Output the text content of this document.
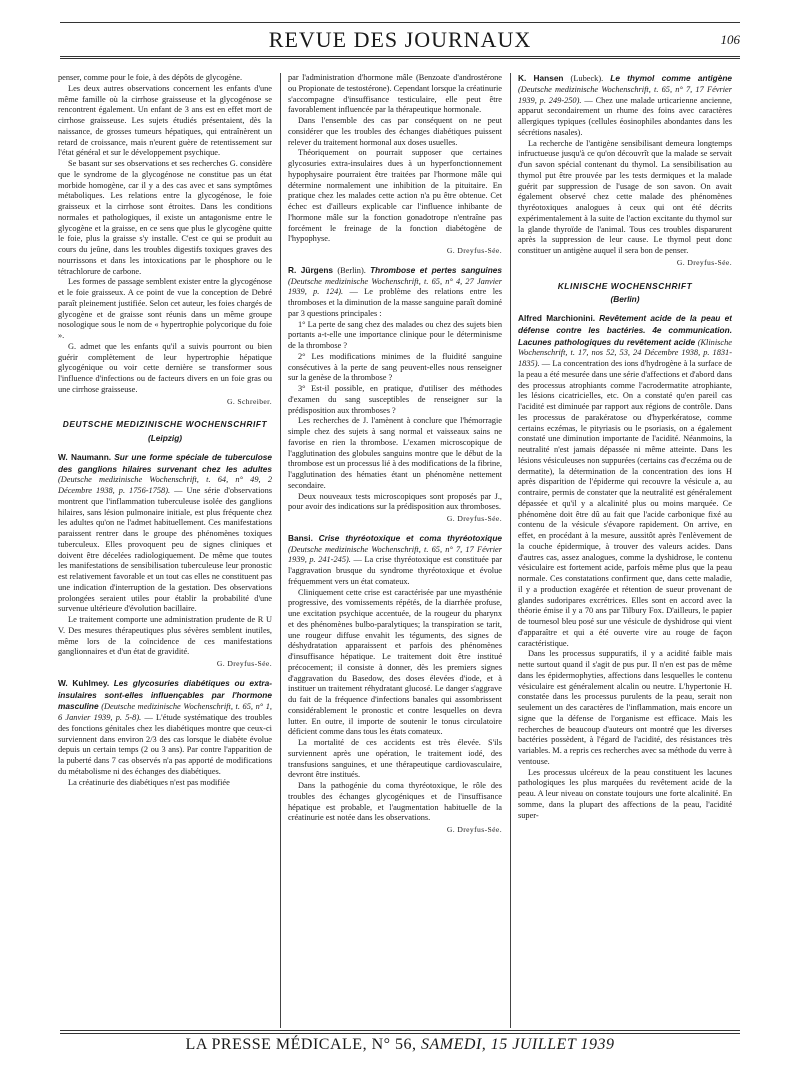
REVUE DES JOURNAUX	106

penser, comme pour le foie, à des dépôts de glycogène.

Les deux autres observations concernent les enfants d'une même famille où la cirrhose graisseuse et la glycogénose se rencontrent également. Un enfant de 3 ans est en effet mort de cirrhose graisseuse. Les sujets étudiés présentaient, dès la naissance, de grosses tumeurs hépatiques, qui entraînèrent un retard de croissance, mais n'eurent guère de retentissement sur l'état général et sur le développement psychique.

Se basant sur ses observations et ses recherches G. considère que le syndrome de la glycogénose ne constitue pas un état morbide homogène, car il y a des cas avec et sans symptômes métaboliques. Les relations entre la glycogénose, le foie graisseux et la cirrhose sont étroites. Dans les conditions normales et pathologiques, il existe un antagonisme entre le glycogène et la graisse, en ce sens que plus le glycogène quitte le foie, plus la graisse s'y installe. C'est ce qui se produit au cours du jeûne, dans les troubles digestifs toxiques graves des nourrissons et dans les intoxications par le phosphore ou le tétrachlorure de carbone.

Les formes de passage semblent exister entre la glycogénose et le foie graisseux. A ce point de vue la conception de Debré paraît pleinement justifiée. Selon cet auteur, les foies chargés de glycogène et de graisse sont réunis dans un même groupe nosologique sous le nom de « hypertrophie polycorique du foie ».

G. admet que les enfants qu'il a suivis pourront ou bien guérir complètement de leur hypertrophie hépatique glycogénique ou voir cette dernière se transformer sous l'influence d'infections ou de facteurs divers en un foie gras ou une cirrhose graisseuse.

G. Schreiber.

DEUTSCHE MEDIZINISCHE WOCHENSCHRIFT
(Leipzig)

W. Naumann. Sur une forme spéciale de tuberculose des ganglions hilaires survenant chez les adultes (Deutsche medizinische Wochenschrift, t. 64, n° 49, 2 Décembre 1938, p. 1756-1758). — Une série d'observations montrent que l'inflammation tuberculeuse isolée des ganglions hilaires, sans lésion pulmonaire initiale, est plus fréquente chez les adultes qu'on ne l'admet habituellement. Ces manifestations paraissent rentrer dans le groupe des phénomènes toxiques tuberculeux. Elles provoquent peu de signes cliniques et doivent être décelées radiologiquement. De même que toutes les manifestations de sensibilisation tuberculeuse leur pronostic est relativement favorable et un tout cas elles ne constituent pas une indication d'interruption de la gestation. Des observations prolongées seraient utiles pour établir la probabilité d'une survenue ultérieure d'évolution bacillaire.

Le traitement comporte une administration prudente de R U V. Des mesures thérapeutiques plus sévères semblent inutiles, même lors de la coïncidence de ces manifestations ganglionnaires et d'un état de gravidité.

G. Dreyfus-Sée.

W. Kuhlmey. Les glycosuries diabétiques ou extra-insulaires sont-elles influençables par l'hormone masculine (Deutsche medizinische Wochenschrift, t. 65, n° 1, 6 Janvier 1939, p. 5-8). — L'étude systématique des troubles des fonctions génitales chez les diabétiques montre que ceux-ci surviennent dans environ 2/3 des cas lorsque le diabète évolue depuis un certain temps (2 ou 3 ans). Par contre l'apparition de la puberté dans 7 cas observés n'a pas apporté de modifications du métabolisme ni des échanges des diabétiques.

La créatinurie des diabétiques n'est pas modifiée

par l'administration d'hormone mâle (Benzoate d'androstérone ou Propionate de testostérone). Cependant lorsque la créatinurie s'accompagne d'insuffisance testiculaire, elle peut être favorablement influencée par la thérapeutique hormonale.

Dans l'ensemble des cas par conséquent on ne peut considérer que les troubles des échanges diabétiques puissent relever du traitement hormonal aux doses usuelles.

Théoriquement on pourrait supposer que certaines glycosuries extra-insulaires dues à un hyperfonctionnement hypophysaire pourraient être traitées par l'hormone mâle qui détermine normalement une inhibition de la pituitaire. En pratique chez les malades cette action n'a pu être obtenue. Cet échec est d'ailleurs explicable car l'influence inhibante de l'hormone mâle sur la fonction gonadotrope n'entraîne pas forcément le freinage de la fonction diabétogène de l'hypophyse.

G. Dreyfus-Sée.

R. Jürgens (Berlin). Thrombose et pertes sanguines (Deutsche medizinische Wochenschrift, t. 65, n° 4, 27 Janvier 1939, p. 124). — Le problème des relations entre les thromboses et la diminution de la masse sanguine paraît dominé par 3 questions principales :

1° La perte de sang chez des malades ou chez des sujets bien portants a-t-elle une importance clinique pour le déterminisme de la thrombose ?

2° Les modifications minimes de la fluidité sanguine consécutives à la perte de sang peuvent-elles nous renseigner sur la genèse de la thrombose ?

3° Est-il possible, en pratique, d'utiliser des méthodes d'examen du sang susceptibles de renseigner sur la prédisposition aux thromboses ?

Les recherches de J. l'amènent à conclure que l'hémorragie simple chez des sujets à sang normal et vaisseaux sains ne favorise en rien la thrombose. L'examen microscopique de l'agglutination des globules sanguins montre que le début de la thrombose est un processus lié à des modifications de la fibrine, l'agglutination des hématies étant un phénomène nettement secondaire.

Deux nouveaux tests microscopiques sont proposés par J., pour avoir des indications sur la prédisposition aux thromboses.

G. Dreyfus-Sée.

Bansi. Crise thyréotoxique et coma thyréotoxique (Deutsche medizinische Wochenschrift, t. 65, n° 7, 17 Février 1939, p. 241-245). — La crise thyréotoxique est constituée par l'aggravation brusque du syndrome thyréotoxique et évolue fréquemment vers un état comateux.

Cliniquement cette crise est caractérisée par une myasthénie progressive, des vomissements répétés, de la diarrhée profuse, une excitation psychique accentuée, de la rougeur du pharynx et des phénomènes bulbo-paralytiques; la transpiration se tarit, une rougeur diffuse envahit les téguments, des signes de déshydratation apparaissent et parfois des phénomènes d'insuffisance hépatique. Le traitement doit être institué précocement; il consiste à donner, dès les premiers signes d'aggravation du Basedow, des doses élevées d'iode, et à instituer un traitement réhydratant glucosé. Le danger s'aggrave du fait de la fréquence d'infections banales qui assombrissent considérablement le pronostic et contre lesquelles on devra lutter. En outre, il importe de soutenir le tonus circulatoire déficient comme dans tous les états comateux.

La mortalité de ces accidents est très élevée. S'ils surviennent après une opération, le traitement iodé, des transfusions sanguines, et une thérapeutique cardiovasculaire, devront être institués.

Dans la pathogénie du coma thyréotoxique, le rôle des troubles des échanges glycogéniques et de l'insuffisance hépatique est probable, et l'augmentation habituelle de la créatinurie est notée dans les observations.

G. Dreyfus-Sée.

K. Hansen (Lubeck). Le thymol comme antigène (Deutsche medizinische Wochenschrift, t. 65, n° 7, 17 Février 1939, p. 249-250). — Chez une malade urticarienne ancienne, apparut secondairement un rhume des foins avec caractères allergiques typiques (cellules éosinophiles abondantes dans les sécrétions nasales).

La recherche de l'antigène sensibilisant demeura longtemps infructueuse jusqu'à ce qu'on découvrît que la malade se servait d'un savon spécial contenant du thymol. La sensibilisation au thymol put être prouvée par les tests dermiques et la malade guérit par suppression de l'usage de son savon. On avait également observé chez cette malade des phénomènes thyréotoxiques analogues à ceux qui ont été décrits expérimentalement à la suite de l'action excitante du thymol sur la glande thyroïde de l'animal. Tous ces troubles disparurent après la suppression de leur cause. Le thymol peut donc constituer un antigène auquel il sera bon de penser.

G. Dreyfus-Sée.

KLINISCHE WOCHENSCHRIFT
(Berlin)

Alfred Marchionini. Revêtement acide de la peau et défense contre les bactéries. 4e communication. Lacunes pathologiques du revêtement acide (Klinische Wochenschrift, t. 17, nos 52, 53, 24 Décembre 1938, p. 1831-1835). — La concentration des ions d'hydrogène à la surface de la peau a été mesurée dans une série d'affections et d'abord dans des processus atrophiants comme l'acrodermatite atrophiante, les lésions cicatricielles, etc. On a constaté qu'en pareil cas l'acidité est diminuée par rapport aux régions de contrôle. Dans les processus de parakératose ou d'hyperkératose, comme certains eczémas, le pityriasis ou le psoriasis, on a également constaté une diminution importante de l'acidité. Néanmoins, la neutralité n'est jamais dépassée ni même atteinte. Dans les lésions vésiculeuses non suppurées (certains cas d'eczéma ou de dermatite), la détermination de la concentration des ions H après disparition de l'épiderme qui recouvre la vésicule a, au contraire, permis de constater que la neutralité est généralement dépassée et qu'il y a alcalinité plus ou moins marquée. Ce phénomène doit être dû au fait que l'acide carbonique fixé au contenu de la vésicule s'évapore rapidement. On arrive, en effet, en procédant à la mesure, aussitôt après l'enlèvement de la couche épidermique, à trouver des valeurs acides. Dans d'autres cas, assez analogues, comme la dyshidrose, le contenu vésiculaire est fortement acide, parfois même plus que la peau normale. Ces constatations confirment que, dans cette maladie, il y a production exagérée et rétention de sueur provenant de glandes sudoripares excrétrices. Elles sont en accord avec la théorie émise il y a 70 ans par Tilbury Fox. D'ailleurs, le papier de tournesol bleu posé sur une vésicule de dyshidrose qui vient d'apparaître et qui a été ouverte vire au rouge de façon caractéristique.

Dans les processus suppuratifs, il y a acidité faible mais nette surtout quand il s'agit de pus pur. Il n'en est pas de même dans les épidermophyties, affections dans lesquelles le contenu vésiculaire est généralement alcalin ou neutre. L'hypertonie H. constatée dans les processus purulents de la peau, serait non seulement un des caractères de l'inflammation, mais encore un signe que la défense de l'organisme est efficace. Mais les recherches de beaucoup d'auteurs ont montré que les diverses bactéries possèdent, à l'égard de l'acidité, des résistances très variables. M. a repris ces recherches avec sa méthode du verre à ventouse.

Les processus ulcéreux de la peau constituent les lacunes pathologiques les plus marquées du revêtement acide de la peau. A leur niveau on constate toujours une forte alcalinité. En somme, dans la plupart des affections de la peau, l'acidité super-

LA PRESSE MÉDICALE, N° 56, SAMEDI, 15 JUILLET 1939
